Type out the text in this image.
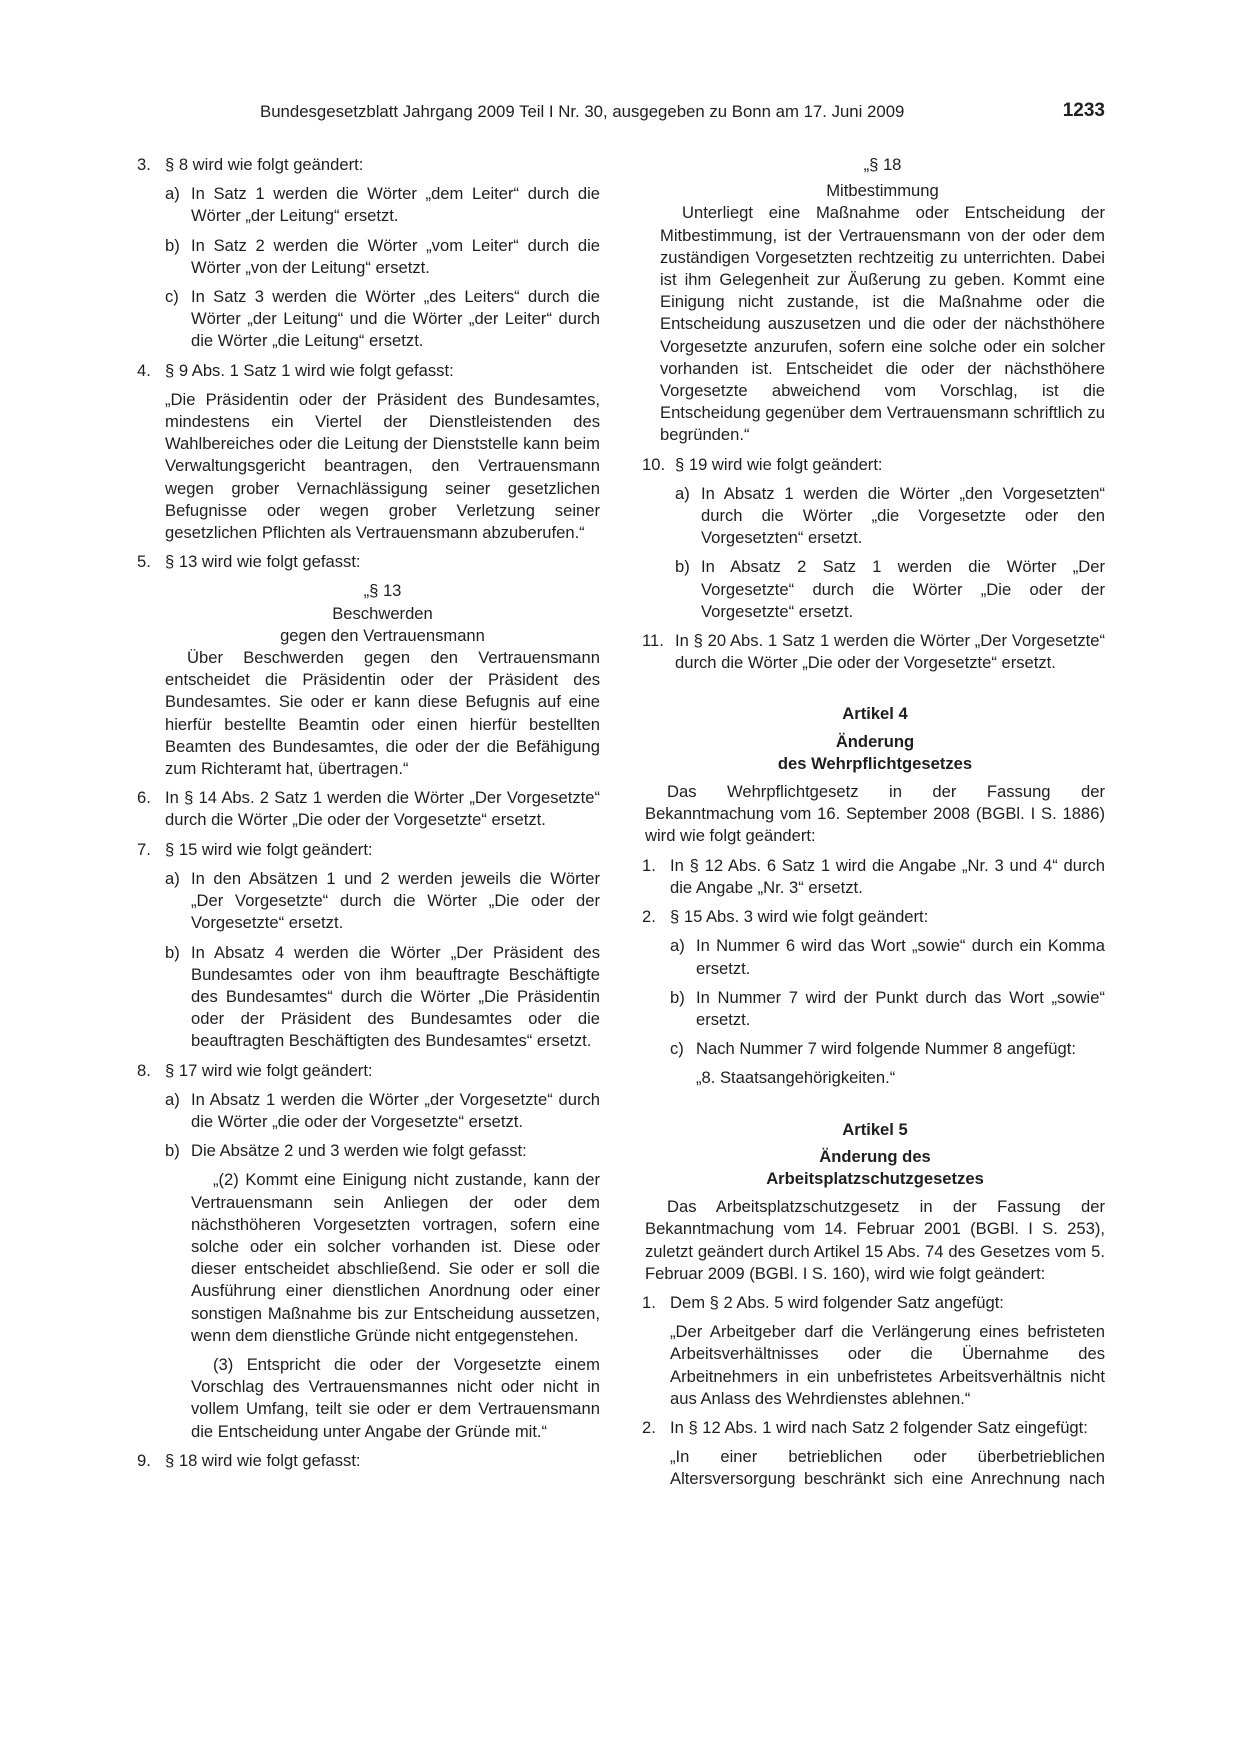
Bundesgesetzblatt Jahrgang 2009 Teil I Nr. 30, ausgegeben zu Bonn am 17. Juni 2009	1233
3. § 8 wird wie folgt geändert:

a) In Satz 1 werden die Wörter „dem Leiter“ durch die Wörter „der Leitung“ ersetzt.

b) In Satz 2 werden die Wörter „vom Leiter“ durch die Wörter „von der Leitung“ ersetzt.

c) In Satz 3 werden die Wörter „des Leiters“ durch die Wörter „der Leitung“ und die Wörter „der Leiter“ durch die Wörter „die Leitung“ ersetzt.

4. § 9 Abs. 1 Satz 1 wird wie folgt gefasst:

„Die Präsidentin oder der Präsident des Bundesamtes, mindestens ein Viertel der Dienstleistenden des Wahlbereiches oder die Leitung der Dienststelle kann beim Verwaltungsgericht beantragen, den Vertrauensmann wegen grober Vernachlässigung seiner gesetzlichen Befugnisse oder wegen grober Verletzung seiner gesetzlichen Pflichten als Vertrauensmann abzuberufen.“

5. § 13 wird wie folgt gefasst:

„§ 13

Beschwerden

gegen den Vertrauensmann

Über Beschwerden gegen den Vertrauensmann entscheidet die Präsidentin oder der Präsident des Bundesamtes. Sie oder er kann diese Befugnis auf eine hierfür bestellte Beamtin oder einen hierfür bestellten Beamten des Bundesamtes, die oder der die Befähigung zum Richteramt hat, übertragen.“

6. In § 14 Abs. 2 Satz 1 werden die Wörter „Der Vorgesetzte“ durch die Wörter „Die oder der Vorgesetzte“ ersetzt.

7. § 15 wird wie folgt geändert:

a) In den Absätzen 1 und 2 werden jeweils die Wörter „Der Vorgesetzte“ durch die Wörter „Die oder der Vorgesetzte“ ersetzt.

b) In Absatz 4 werden die Wörter „Der Präsident des Bundesamtes oder von ihm beauftragte Beschäftigte des Bundesamtes“ durch die Wörter „Die Präsidentin oder der Präsident des Bundesamtes oder die beauftragten Beschäftigten des Bundesamtes“ ersetzt.

8. § 17 wird wie folgt geändert:

a) In Absatz 1 werden die Wörter „der Vorgesetzte“ durch die Wörter „die oder der Vorgesetzte“ ersetzt.

b) Die Absätze 2 und 3 werden wie folgt gefasst:

„(2) Kommt eine Einigung nicht zustande, kann der Vertrauensmann sein Anliegen der oder dem nächsthöheren Vorgesetzten vortragen, sofern eine solche oder ein solcher vorhanden ist. Diese oder dieser entscheidet abschließend. Sie oder er soll die Ausführung einer dienstlichen Anordnung oder einer sonstigen Maßnahme bis zur Entscheidung aussetzen, wenn dem dienstliche Gründe nicht entgegenstehen.

(3) Entspricht die oder der Vorgesetzte einem Vorschlag des Vertrauensmannes nicht oder nicht in vollem Umfang, teilt sie oder er dem Vertrauensmann die Entscheidung unter Angabe der Gründe mit.“

9. § 18 wird wie folgt gefasst:

„§ 18

Mitbestimmung

Unterliegt eine Maßnahme oder Entscheidung der Mitbestimmung, ist der Vertrauensmann von der oder dem zuständigen Vorgesetzten rechtzeitig zu unterrichten. Dabei ist ihm Gelegenheit zur Äußerung zu geben. Kommt eine Einigung nicht zustande, ist die Maßnahme oder die Entscheidung auszusetzen und die oder der nächsthöhere Vorgesetzte anzurufen, sofern eine solche oder ein solcher vorhanden ist. Entscheidet die oder der nächsthöhere Vorgesetzte abweichend vom Vorschlag, ist die Entscheidung gegenüber dem Vertrauensmann schriftlich zu begründen.“

10. § 19 wird wie folgt geändert:

a) In Absatz 1 werden die Wörter „den Vorgesetzten“ durch die Wörter „die Vorgesetzte oder den Vorgesetzten“ ersetzt.

b) In Absatz 2 Satz 1 werden die Wörter „Der Vorgesetzte“ durch die Wörter „Die oder der Vorgesetzte“ ersetzt.

11. In § 20 Abs. 1 Satz 1 werden die Wörter „Der Vorgesetzte“ durch die Wörter „Die oder der Vorgesetzte“ ersetzt.

Artikel 4

Änderung

des Wehrpflichtgesetzes

Das Wehrpflichtgesetz in der Fassung der Bekanntmachung vom 16. September 2008 (BGBl. I S. 1886) wird wie folgt geändert:

1. In § 12 Abs. 6 Satz 1 wird die Angabe „Nr. 3 und 4“ durch die Angabe „Nr. 3“ ersetzt.

2. § 15 Abs. 3 wird wie folgt geändert:

a) In Nummer 6 wird das Wort „sowie“ durch ein Komma ersetzt.

b) In Nummer 7 wird der Punkt durch das Wort „sowie“ ersetzt.

c) Nach Nummer 7 wird folgende Nummer 8 angefügt:

„8. Staatsangehörigkeiten.“

Artikel 5

Änderung des

Arbeitsplatzschutzgesetzes

Das Arbeitsplatzschutzgesetz in der Fassung der Bekanntmachung vom 14. Februar 2001 (BGBl. I S. 253), zuletzt geändert durch Artikel 15 Abs. 74 des Gesetzes vom 5. Februar 2009 (BGBl. I S. 160), wird wie folgt geändert:

1. Dem § 2 Abs. 5 wird folgender Satz angefügt:

„Der Arbeitgeber darf die Verlängerung eines befristeten Arbeitsverhältnisses oder die Übernahme des Arbeitnehmers in ein unbefristetes Arbeitsverhältnis nicht aus Anlass des Wehrdienstes ablehnen.“

2. In § 12 Abs. 1 wird nach Satz 2 folgender Satz eingefügt:

„In einer betrieblichen oder überbetrieblichen Altersversorgung beschränkt sich eine Anrechnung nach
